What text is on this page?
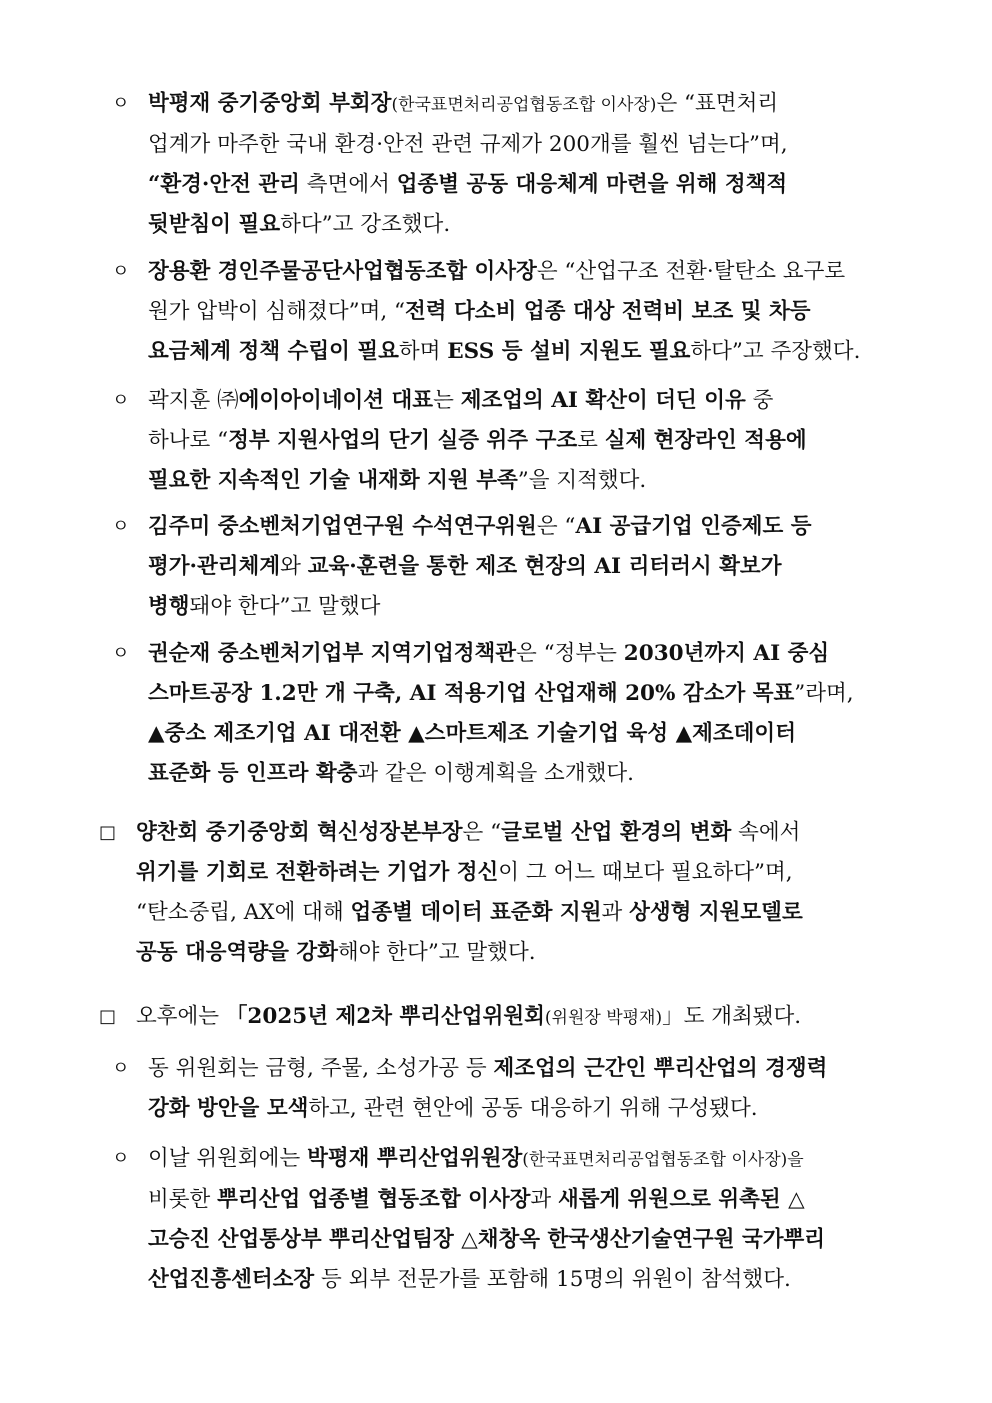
ㅇ 박평재 중기중앙회 부회장(한국표면처리공업협동조합 이사장)은 “표면처리
업계가 마주한 국내 환경·안전 관련 규제가 200개를 훨씬 넘는다”며,
“환경·안전 관리 측면에서 업종별 공동 대응체계 마련을 위해 정책적
뒷받침이 필요하다”고 강조했다.
ㅇ 장용환 경인주물공단사업협동조합 이사장은 “산업구조 전환·탈탄소 요구로
원가 압박이 심해졌다”며, “전력 다소비 업종 대상 전력비 보조 및 차등
요금체계 정책 수립이 필요하며 ESS 등 설비 지원도 필요하다”고 주장했다.
ㅇ 곽지훈 ㈜에이아이네이션 대표는 제조업의 AI 확산이 더딘 이유 중
하나로 “정부 지원사업의 단기 실증 위주 구조로 실제 현장라인 적용에
필요한 지속적인 기술 내재화 지원 부족”을 지적했다.
ㅇ 김주미 중소벤처기업연구원 수석연구위원은 “AI 공급기업 인증제도 등
평가·관리체계와 교육·훈련을 통한 제조 현장의 AI 리터러시 확보가
병행돼야 한다”고 말했다
ㅇ 권순재 중소벤처기업부 지역기업정책관은 “정부는 2030년까지 AI 중심
스마트공장 1.2만 개 구축, AI 적용기업 산업재해 20% 감소가 목표”라며,
▲중소 제조기업 AI 대전환 ▲스마트제조 기술기업 육성 ▲제조데이터
표준화 등 인프라 확충과 같은 이행계획을 소개했다.
□ 양찬회 중기중앙회 혁신성장본부장은 “글로벌 산업 환경의 변화 속에서
위기를 기회로 전환하려는 기업가 정신이 그 어느 때보다 필요하다”며,
“탄소중립, AX에 대해 업종별 데이터 표준화 지원과 상생형 지원모델로
공동 대응역량을 강화해야 한다”고 말했다.
□ 오후에는 「2025년 제2차 뿌리산업위원회(위원장 박평재)」도 개최됐다.
ㅇ 동 위원회는 금형, 주물, 소성가공 등 제조업의 근간인 뿌리산업의 경쟁력
강화 방안을 모색하고, 관련 현안에 공동 대응하기 위해 구성됐다.
ㅇ 이날 위원회에는 박평재 뿌리산업위원장(한국표면처리공업협동조합 이사장)을
비롯한 뿌리산업 업종별 협동조합 이사장과 새롭게 위원으로 위촉된 △
고승진 산업통상부 뿌리산업팀장 △채창옥 한국생산기술연구원 국가뿌리
산업진흥센터소장 등 외부 전문가를 포함해 15명의 위원이 참석했다.
